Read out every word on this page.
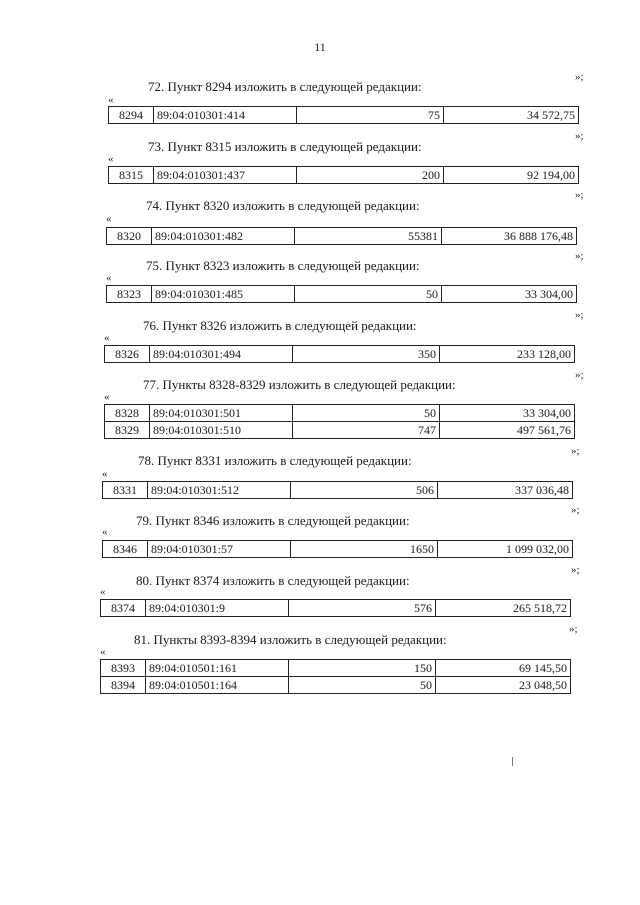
11
72. Пункт 8294 изложить в следующей редакции:
»;
«
8294	89:04:010301:414	75	34 572,75
73. Пункт 8315 изложить в следующей редакции:
»;
«
8315	89:04:010301:437	200	92 194,00
74. Пункт 8320 изложить в следующей редакции:
»;
«
8320	89:04:010301:482	55381	36 888 176,48
75. Пункт 8323 изложить в следующей редакции:
»;
«
8323	89:04:010301:485	50	33 304,00
76. Пункт 8326 изложить в следующей редакции:
»;
«
8326	89:04:010301:494	350	233 128,00
77. Пункты 8328-8329 изложить в следующей редакции:
»;
«
8328	89:04:010301:501	50	33 304,00
8329	89:04:010301:510	747	497 561,76
78. Пункт 8331 изложить в следующей редакции:
»;
«
8331	89:04:010301:512	506	337 036,48
79. Пункт 8346 изложить в следующей редакции:
»;
«
8346	89:04:010301:57	1650	1 099 032,00
80. Пункт 8374 изложить в следующей редакции:
»;
«
8374	89:04:010301:9	576	265 518,72
81. Пункты 8393-8394 изложить в следующей редакции:
»;
«
8393	89:04:010501:161	150	69 145,50
8394	89:04:010501:164	50	23 048,50
